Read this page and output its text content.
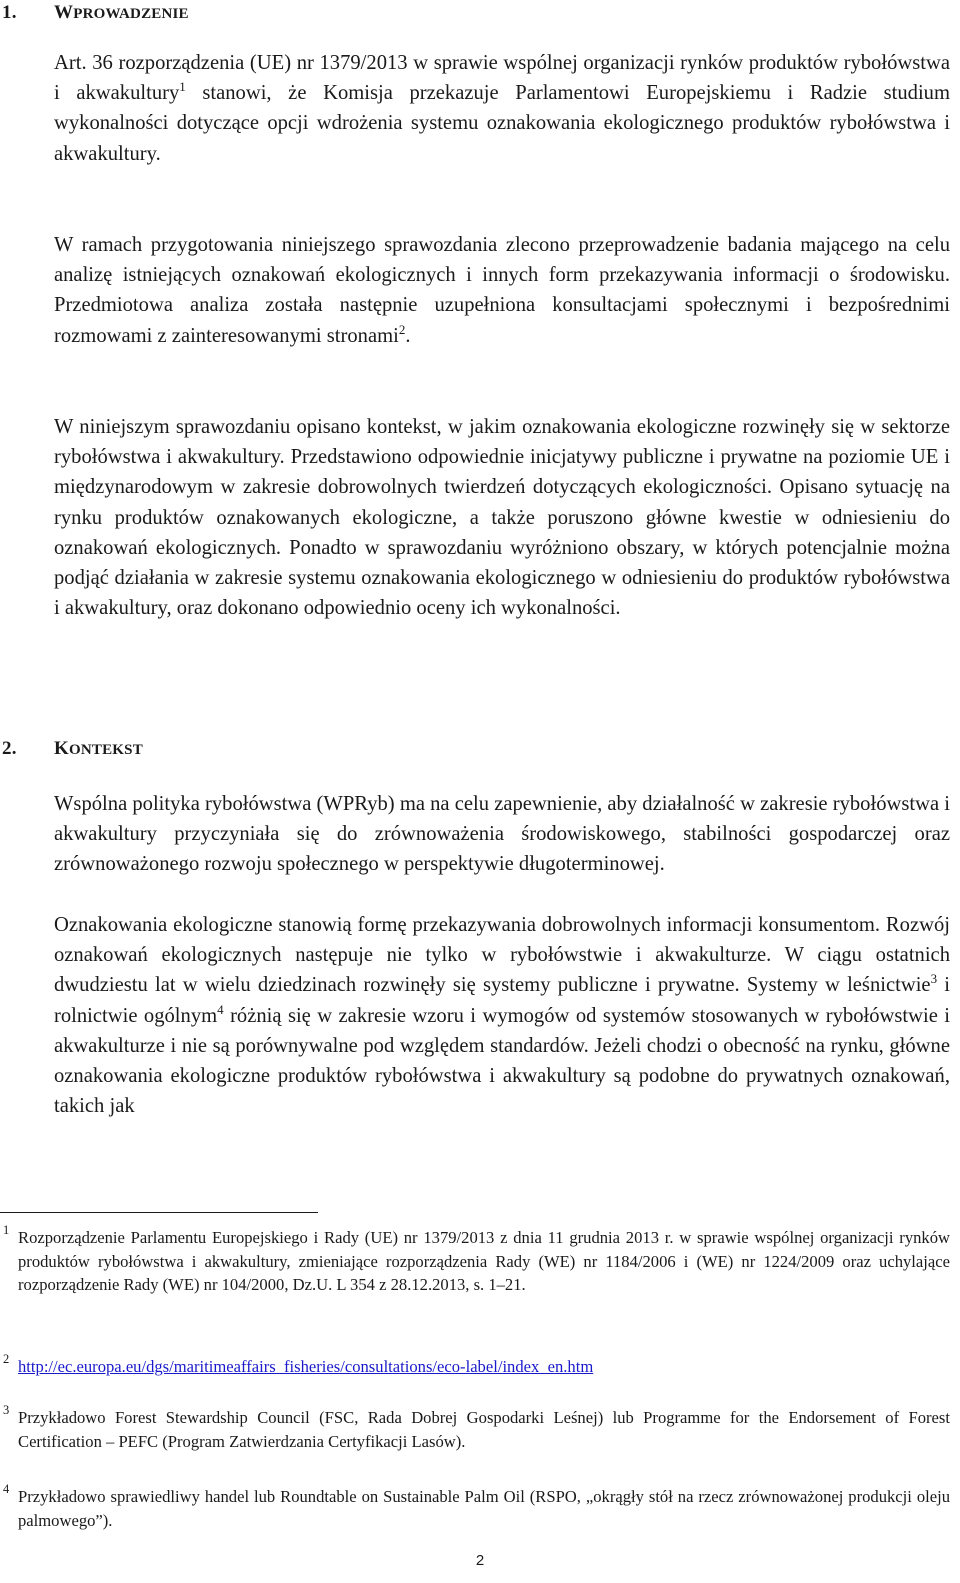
1. WPROWADZENIE

Art. 36 rozporządzenia (UE) nr 1379/2013 w sprawie wspólnej organizacji rynków produktów rybołówstwa i akwakultury$^1$ stanowi, że Komisja przekazuje Parlamentowi Europejskiemu i Radzie studium wykonalności dotyczące opcji wdrożenia systemu oznakowania ekologicznego produktów rybołówstwa i akwakultury.

W ramach przygotowania niniejszego sprawozdania zlecono przeprowadzenie badania mającego na celu analizę istniejących oznakowań ekologicznych i innych form przekazywania informacji o środowisku. Przedmiotowa analiza została następnie uzupełniona konsultacjami społecznymi i bezpośrednimi rozmowami z zainteresowanymi stronami$^2$.

W niniejszym sprawozdaniu opisano kontekst, w jakim oznakowania ekologiczne rozwinęły się w sektorze rybołówstwa i akwakultury. Przedstawiono odpowiednie inicjatywy publiczne i prywatne na poziomie UE i międzynarodowym w zakresie dobrowolnych twierdzeń dotyczących ekologiczności. Opisano sytuację na rynku produktów oznakowanych ekologiczne, a także poruszono główne kwestie w odniesieniu do oznakowań ekologicznych. Ponadto w sprawozdaniu wyróżniono obszary, w których potencjalnie można podjąć działania w zakresie systemu oznakowania ekologicznego w odniesieniu do produktów rybołówstwa i akwakultury, oraz dokonano odpowiednio oceny ich wykonalności.

2. KONTEKST

Wspólna polityka rybołówstwa (WPRyb) ma na celu zapewnienie, aby działalność w zakresie rybołówstwa i akwakultury przyczyniała się do zrównoważenia środowiskowego, stabilności gospodarczej oraz zrównoważonego rozwoju społecznego w perspektywie długoterminowej.

Oznakowania ekologiczne stanowią formę przekazywania dobrowolnych informacji konsumentom. Rozwój oznakowań ekologicznych następuje nie tylko w rybołówstwie i akwakulturze. W ciągu ostatnich dwudziestu lat w wielu dziedzinach rozwinęły się systemy publiczne i prywatne. Systemy w leśnictwie$^3$ i rolnictwie ogólnym$^4$ różnią się w zakresie wzoru i wymogów od systemów stosowanych w rybołówstwie i akwakulturze i nie są porównywalne pod względem standardów. Jeżeli chodzi o obecność na rynku, główne oznakowania ekologiczne produktów rybołówstwa i akwakultury są podobne do prywatnych oznakowań, takich jak

1 Rozporządzenie Parlamentu Europejskiego i Rady (UE) nr 1379/2013 z dnia 11 grudnia 2013 r. w sprawie wspólnej organizacji rynków produktów rybołówstwa i akwakultury, zmieniające rozporządzenia Rady (WE) nr 1184/2006 i (WE) nr 1224/2009 oraz uchylające rozporządzenie Rady (WE) nr 104/2000, Dz.U. L 354 z 28.12.2013, s. 1–21.

2 http://ec.europa.eu/dgs/maritimeaffairs_fisheries/consultations/eco-label/index_en.htm

3 Przykładowo Forest Stewardship Council (FSC, Rada Dobrej Gospodarki Leśnej) lub Programme for the Endorsement of Forest Certification – PEFC (Program Zatwierdzania Certyfikacji Lasów).

4 Przykładowo sprawiedliwy handel lub Roundtable on Sustainable Palm Oil (RSPO, „okrągły stół na rzecz zrównoważonej produkcji oleju palmowego”).

2
